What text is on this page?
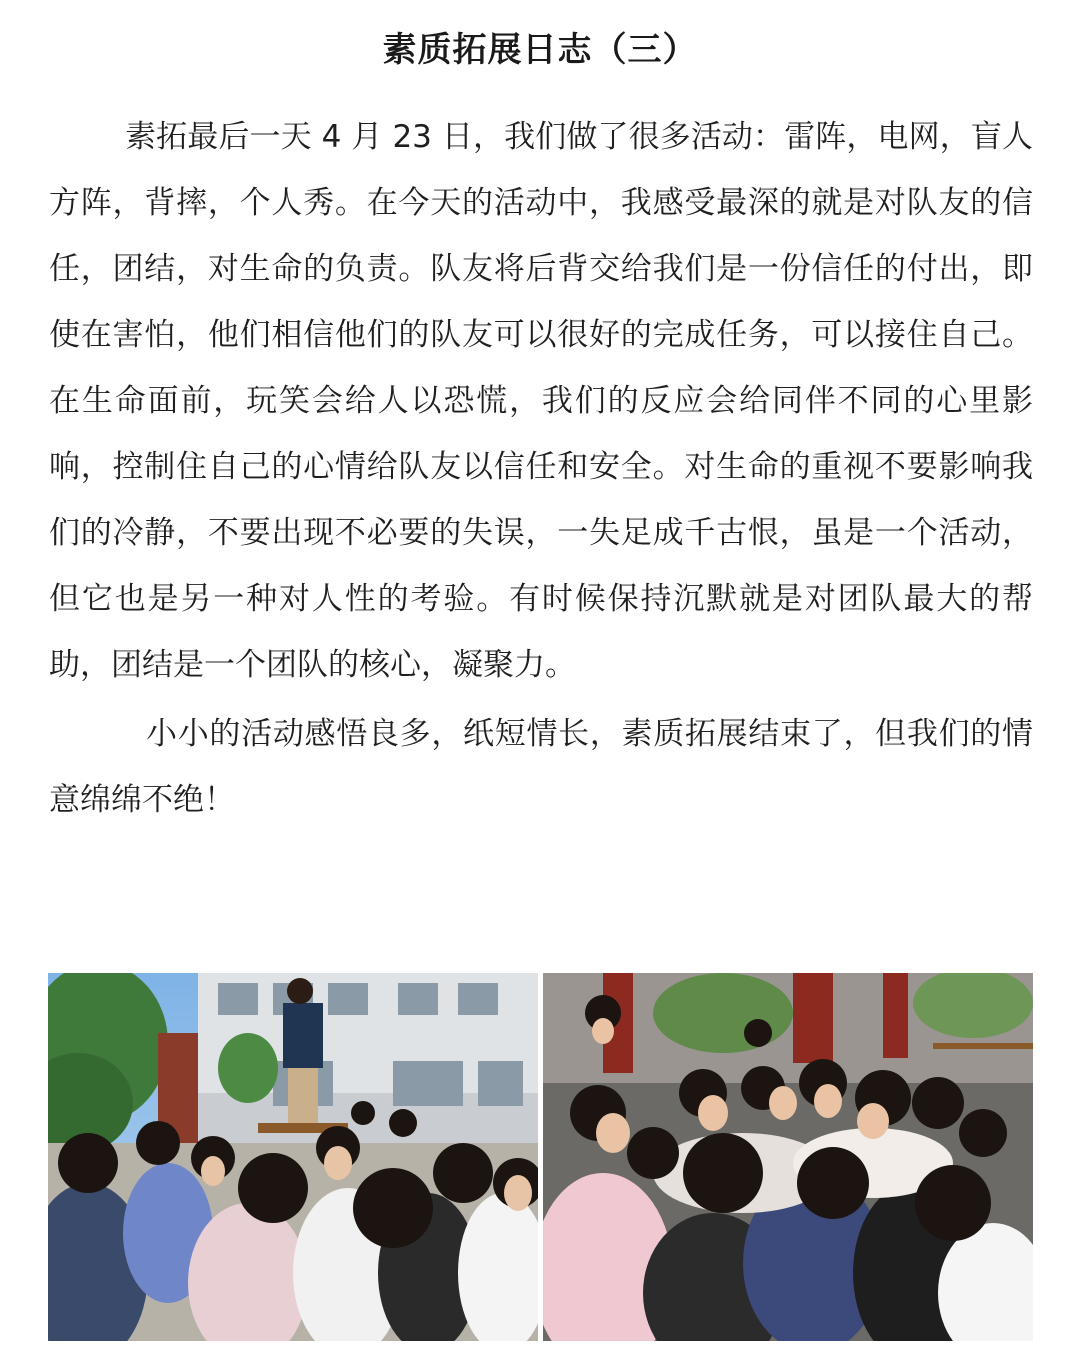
素质拓展日志（三）
素拓最后一天 4 月 23 日，我们做了很多活动：雷阵，电网，盲人方阵，背摔，个人秀。在今天的活动中，我感受最深的就是对队友的信任，团结，对生命的负责。队友将后背交给我们是一份信任的付出，即使在害怕，他们相信他们的队友可以很好的完成任务，可以接住自己。在生命面前，玩笑会给人以恐慌，我们的反应会给同伴不同的心里影响，控制住自己的心情给队友以信任和安全。对生命的重视不要影响我们的冷静，不要出现不必要的失误，一失足成千古恨，虽是一个活动，但它也是另一种对人性的考验。有时候保持沉默就是对团队最大的帮助，团结是一个团队的核心，凝聚力。
小小的活动感悟良多，纸短情长，素质拓展结束了，但我们的情意绵绵不绝！
